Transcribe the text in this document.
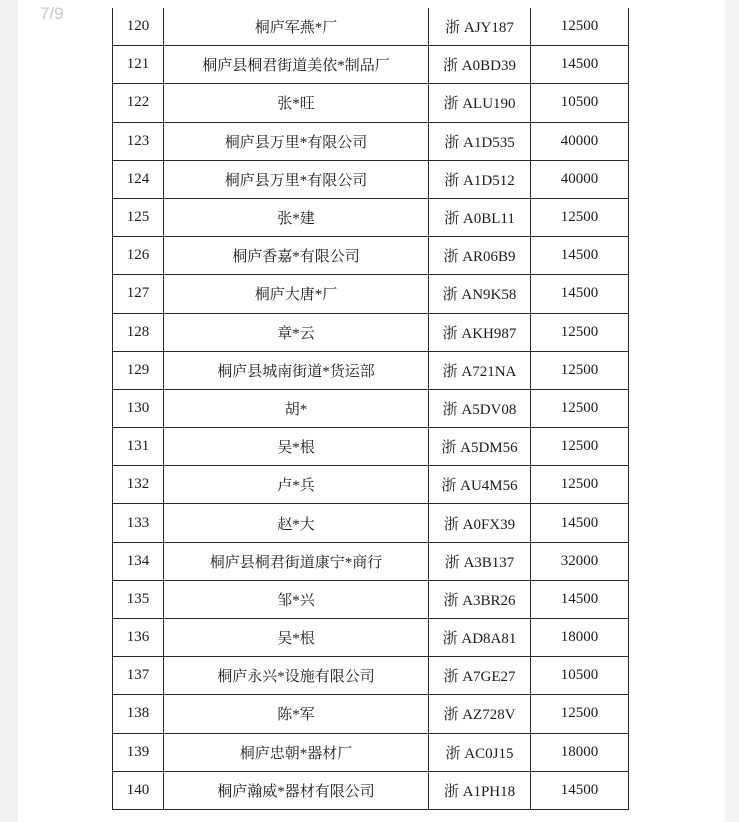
7/9
120	桐庐军燕*厂	浙 AJY187	12500
121	桐庐县桐君街道美依*制品厂	浙 A0BD39	14500
122	张*旺	浙 ALU190	10500
123	桐庐县万里*有限公司	浙 A1D535	40000
124	桐庐县万里*有限公司	浙 A1D512	40000
125	张*建	浙 A0BL11	12500
126	桐庐香嘉*有限公司	浙 AR06B9	14500
127	桐庐大唐*厂	浙 AN9K58	14500
128	章*云	浙 AKH987	12500
129	桐庐县城南街道*货运部	浙 A721NA	12500
130	胡*	浙 A5DV08	12500
131	吴*根	浙 A5DM56	12500
132	卢*兵	浙 AU4M56	12500
133	赵*大	浙 A0FX39	14500
134	桐庐县桐君街道康宁*商行	浙 A3B137	32000
135	邹*兴	浙 A3BR26	14500
136	吴*根	浙 AD8A81	18000
137	桐庐永兴*设施有限公司	浙 A7GE27	10500
138	陈*军	浙 AZ728V	12500
139	桐庐忠朝*器材厂	浙 AC0J15	18000
140	桐庐瀚威*器材有限公司	浙 A1PH18	14500
